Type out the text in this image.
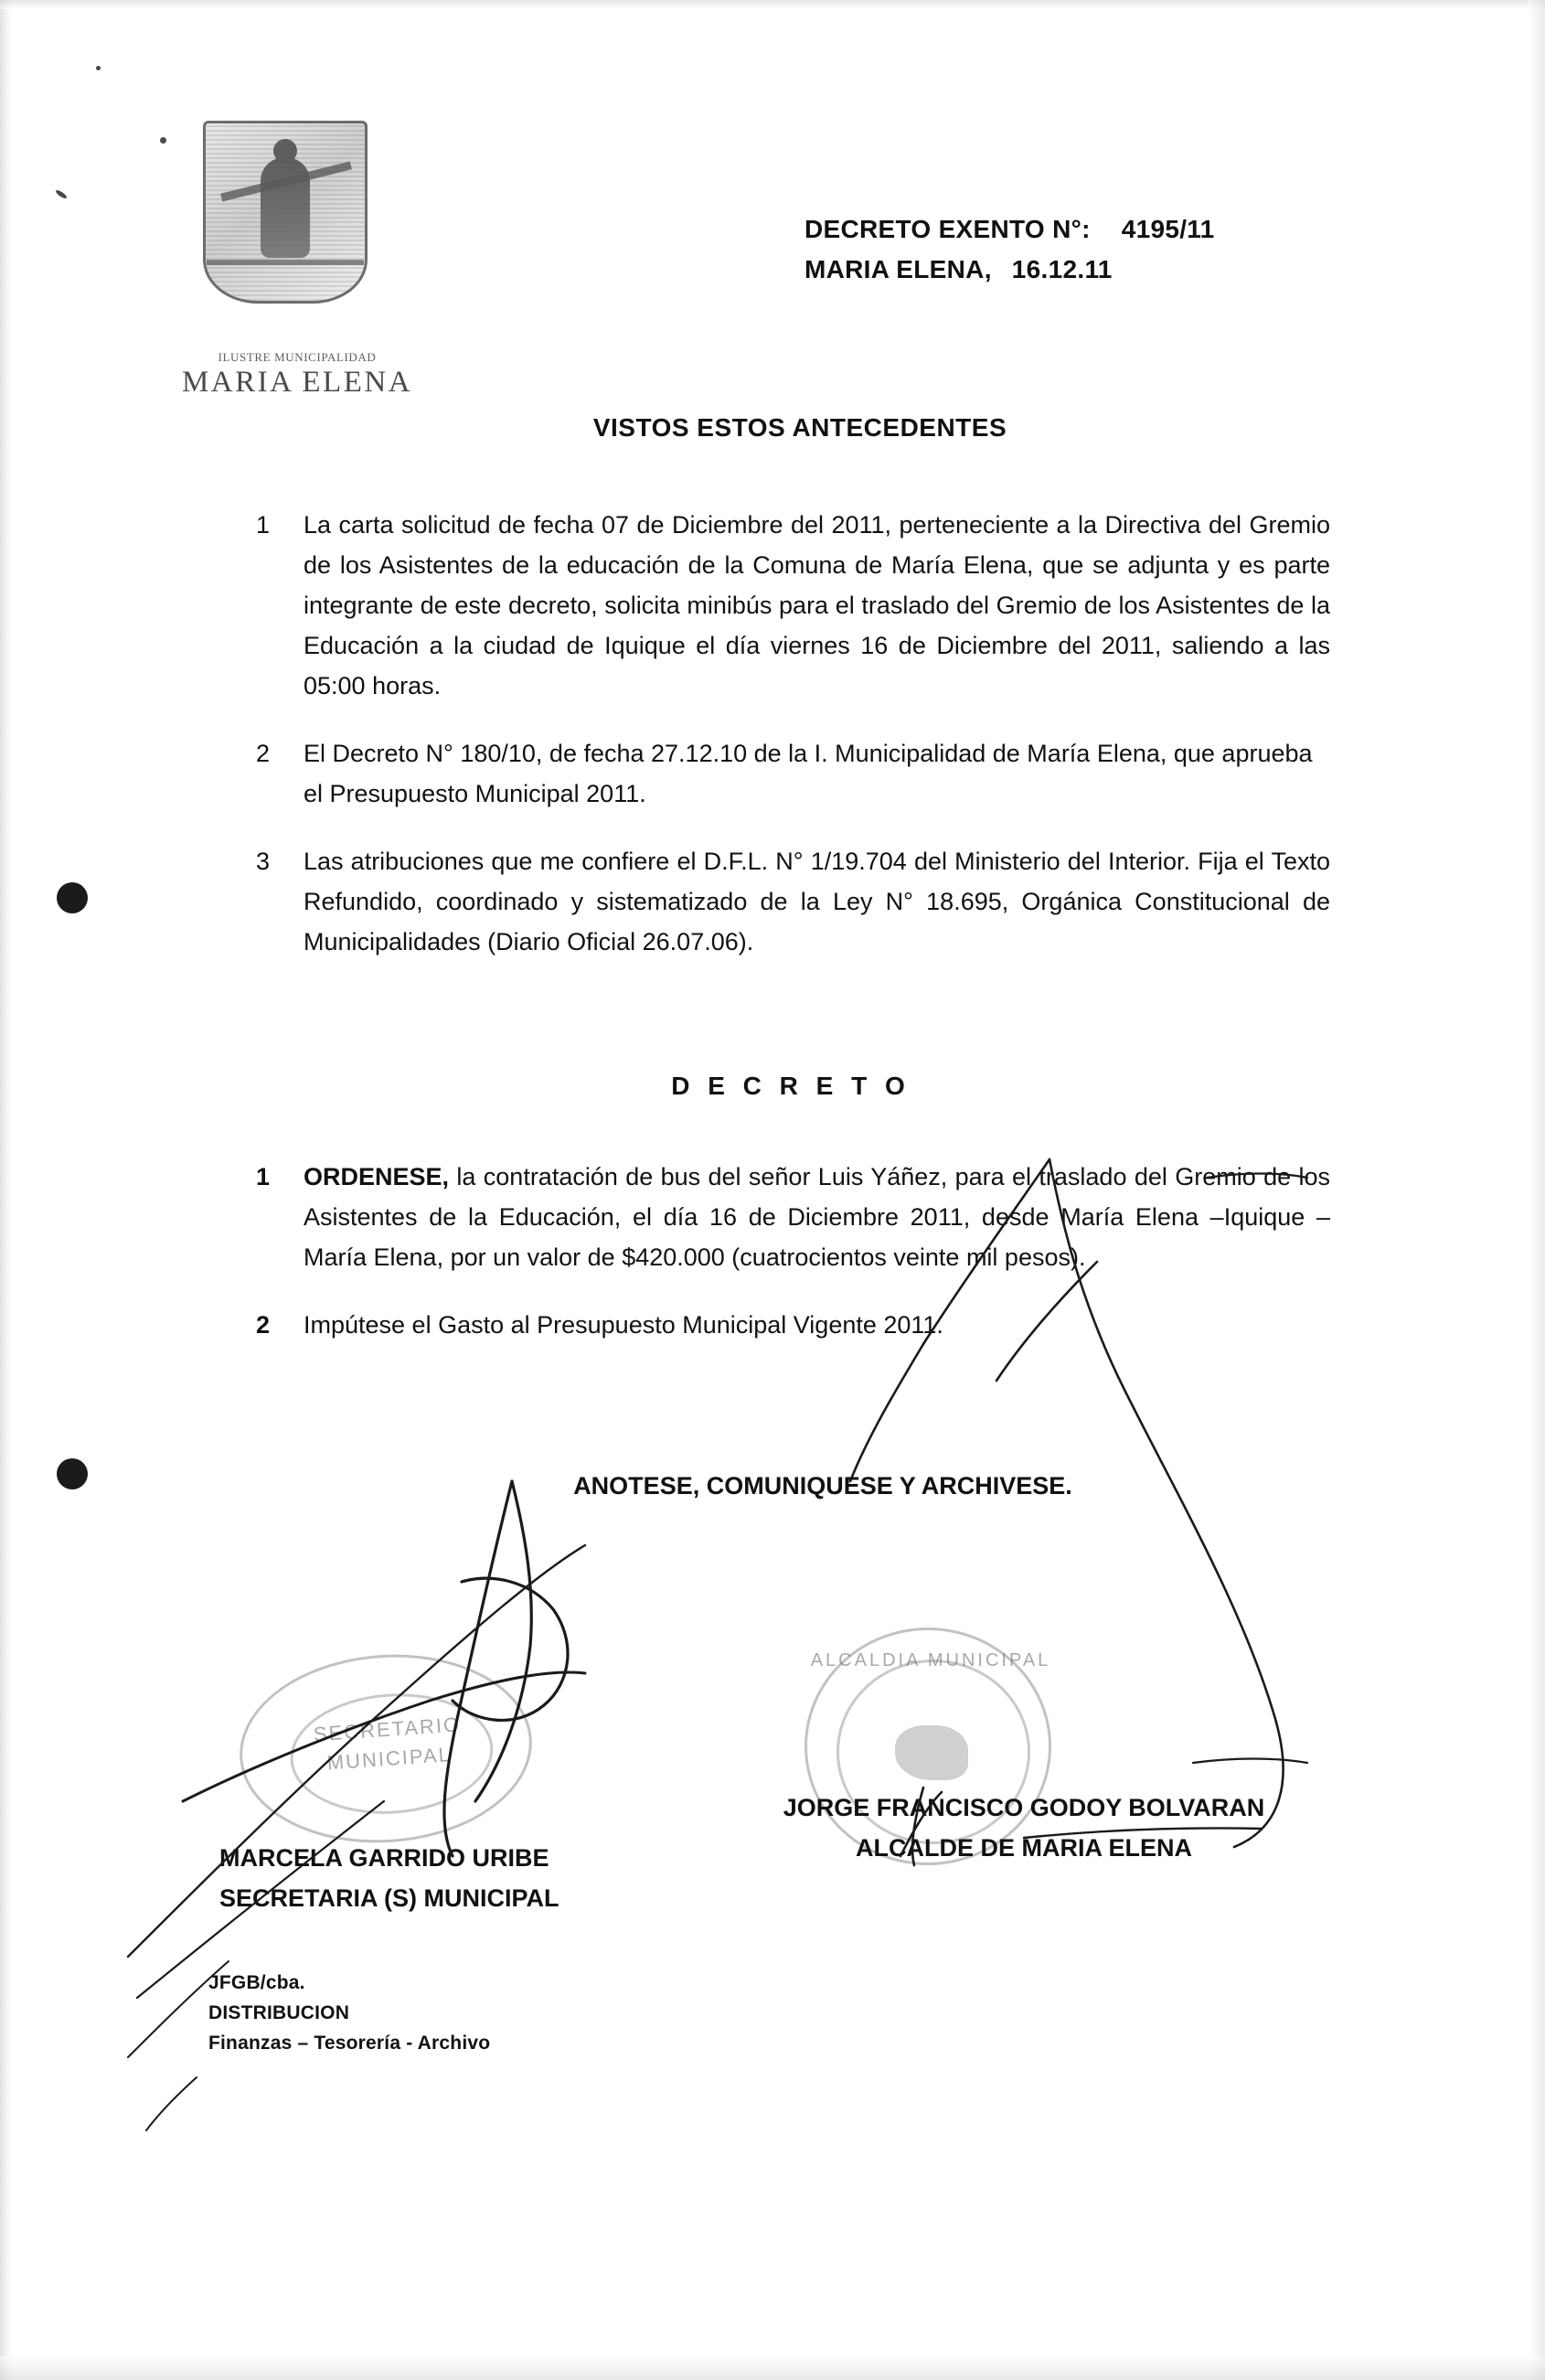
ILUSTRE MUNICIPALIDAD
MARIA ELENA
DECRETO EXENTO N°: 4195/11
MARIA ELENA, 16.12.11
VISTOS ESTOS ANTECEDENTES
1	La carta solicitud de fecha 07 de Diciembre del 2011, perteneciente a la Directiva del Gremio de los Asistentes de la educación de la Comuna de María Elena, que se adjunta y es parte integrante de este decreto, solicita minibús para el traslado del Gremio de los Asistentes de la Educación a la ciudad de Iquique el día viernes 16 de Diciembre del 2011, saliendo a las 05:00 horas.
2	El Decreto N° 180/10, de fecha 27.12.10 de la I. Municipalidad de María Elena, que aprueba el Presupuesto Municipal 2011.
3	Las atribuciones que me confiere el D.F.L. N° 1/19.704 del Ministerio del Interior. Fija el Texto Refundido, coordinado y sistematizado de la Ley N° 18.695, Orgánica Constitucional de Municipalidades (Diario Oficial 26.07.06).
D E C R E T O
1	ORDENESE, la contratación de bus del señor Luis Yáñez, para el traslado del Gremio de los Asistentes de la Educación, el día 16 de Diciembre 2011, desde María Elena –Iquique – María Elena, por un valor de $420.000 (cuatrocientos veinte mil pesos).
2	Impútese el Gasto al Presupuesto Municipal Vigente 2011.
ANOTESE, COMUNIQUESE Y ARCHIVESE.
SECRETARIO
MUNICIPAL
ALCALDIA MUNICIPAL
MARCELA GARRIDO URIBE
SECRETARIA (S) MUNICIPAL
JORGE FRANCISCO GODOY BOLVARAN
ALCALDE DE MARIA ELENA
JFGB/cba.
DISTRIBUCION
Finanzas – Tesorería - Archivo
